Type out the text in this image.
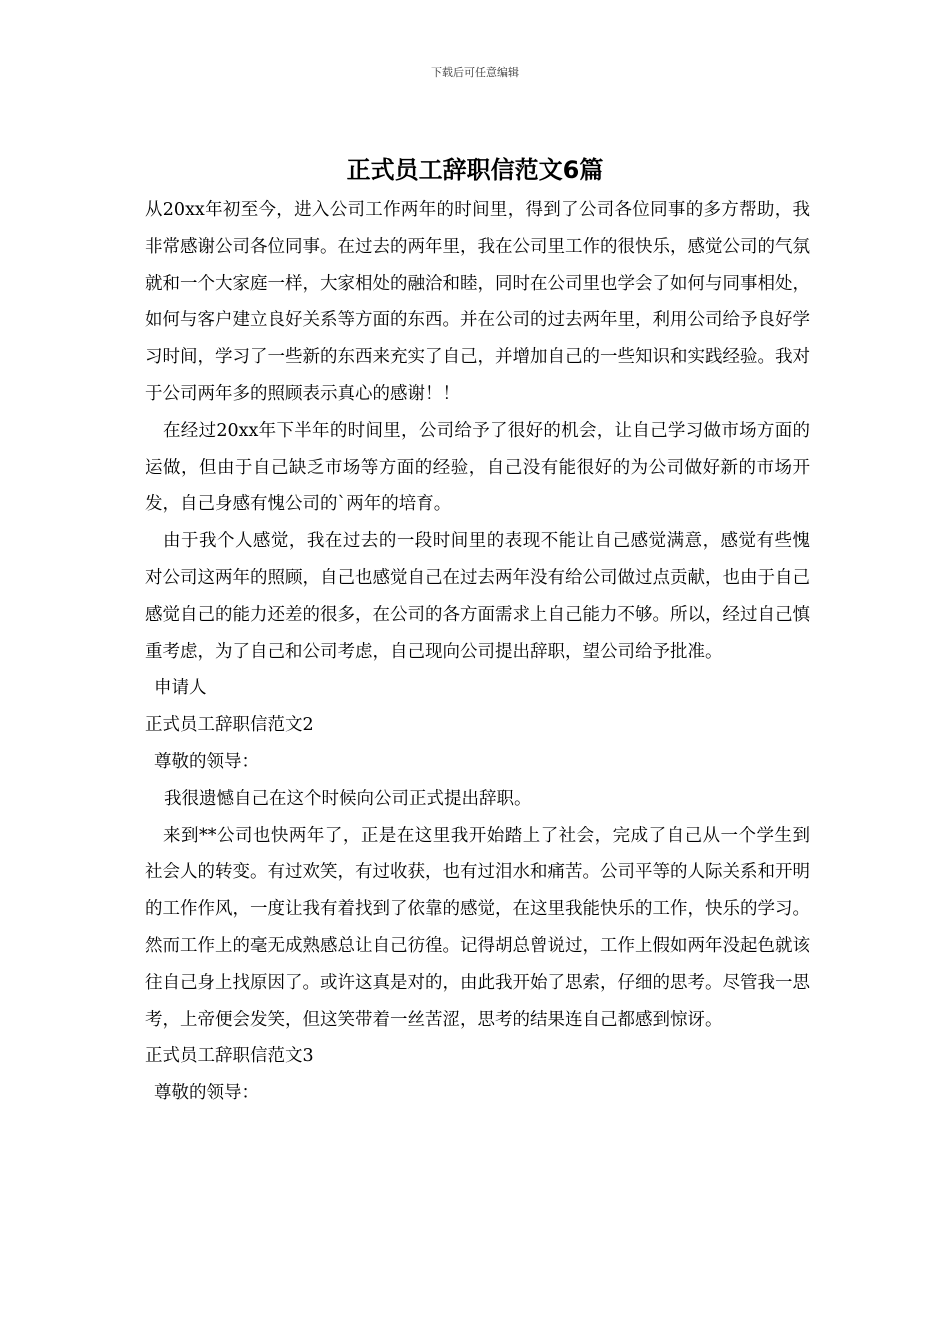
下载后可任意编辑
正式员工辞职信范文6篇

从20xx年初至今，进入公司工作两年的时间里，得到了公司各位同事的多方帮助，我非常感谢公司各位同事。在过去的两年里，我在公司里工作的很快乐，感觉公司的气氛就和一个大家庭一样，大家相处的融洽和睦，同时在公司里也学会了如何与同事相处，如何与客户建立良好关系等方面的东西。并在公司的过去两年里，利用公司给予良好学习时间，学习了一些新的东西来充实了自己，并增加自己的一些知识和实践经验。我对于公司两年多的照顾表示真心的感谢！！

在经过20xx年下半年的时间里，公司给予了很好的机会，让自己学习做市场方面的运做，但由于自己缺乏市场等方面的经验，自己没有能很好的为公司做好新的市场开发，自己身感有愧公司的`两年的培育。

由于我个人感觉，我在过去的一段时间里的表现不能让自己感觉满意，感觉有些愧对公司这两年的照顾，自己也感觉自己在过去两年没有给公司做过点贡献，也由于自己感觉自己的能力还差的很多，在公司的各方面需求上自己能力不够。所以，经过自己慎重考虑，为了自己和公司考虑，自己现向公司提出辞职，望公司给予批准。

申请人

正式员工辞职信范文2

尊敬的领导：

我很遗憾自己在这个时候向公司正式提出辞职。

来到**公司也快两年了，正是在这里我开始踏上了社会，完成了自己从一个学生到社会人的转变。有过欢笑，有过收获，也有过泪水和痛苦。公司平等的人际关系和开明的工作作风，一度让我有着找到了依靠的感觉，在这里我能快乐的工作，快乐的学习。然而工作上的毫无成熟感总让自己彷徨。记得胡总曾说过，工作上假如两年没起色就该往自己身上找原因了。或许这真是对的，由此我开始了思索，仔细的思考。尽管我一思考，上帝便会发笑，但这笑带着一丝苦涩，思考的结果连自己都感到惊讶。

正式员工辞职信范文3

尊敬的领导：
